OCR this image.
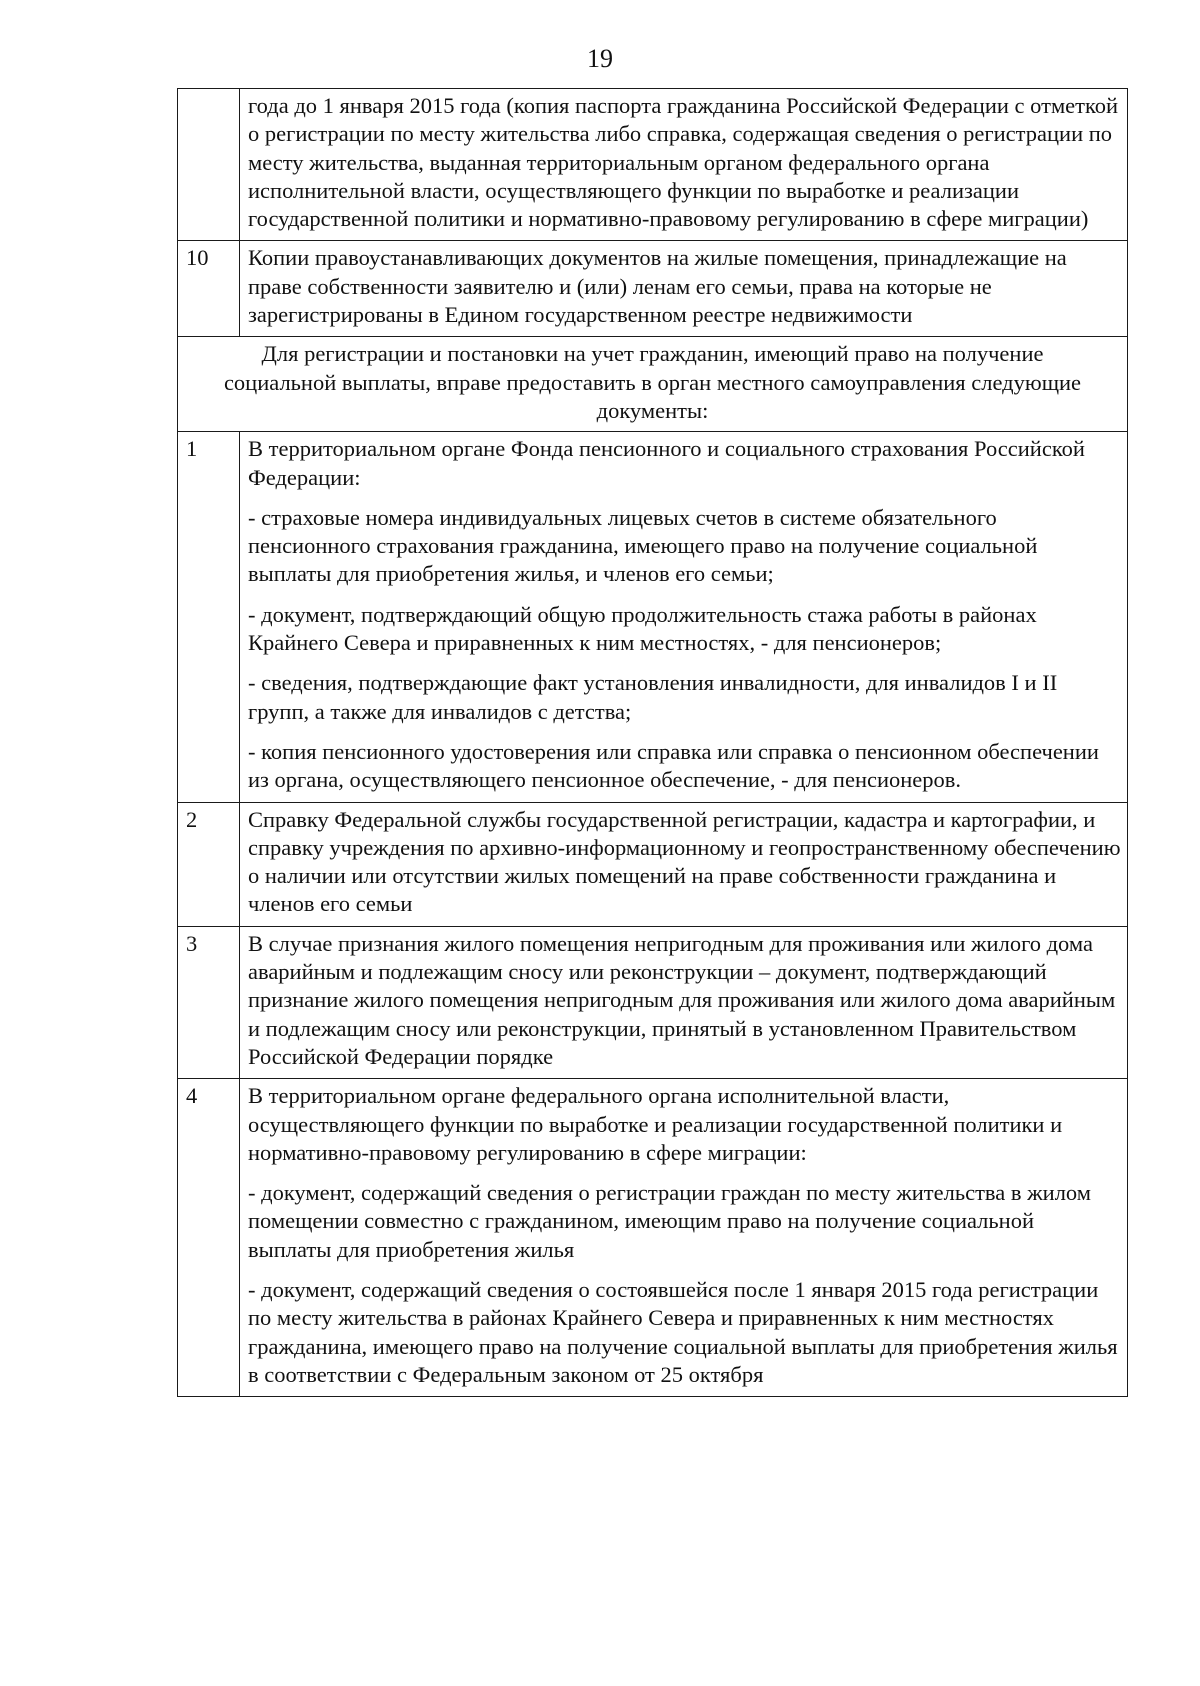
19

	года до 1 января 2015 года (копия паспорта гражданина Российской Федерации с отметкой о регистрации по месту жительства либо справка, содержащая сведения о регистрации по месту жительства, выданная территориальным органом федерального органа исполнительной власти, осуществляющего функции по выработке и реализации государственной политики и нормативно-правовому регулированию в сфере миграции)

10	Копии правоустанавливающих документов на жилые помещения, принадлежащие на праве собственности заявителю и (или) ленам его семьи, права на которые не зарегистрированы в Едином государственном реестре недвижимости

Для регистрации и постановки на учет гражданин, имеющий право на получение социальной выплаты, вправе предоставить в орган местного самоуправления следующие документы:	
1	В территориальном органе Фонда пенсионного и социального страхования Российской Федерации:

- страховые номера индивидуальных лицевых счетов в системе обязательного пенсионного страхования гражданина, имеющего право на получение социальной выплаты для приобретения жилья, и членов его семьи;

- документ, подтверждающий общую продолжительность стажа работы в районах Крайнего Севера и приравненных к ним местностях, - для пенсионеров;

- сведения, подтверждающие факт установления инвалидности, для инвалидов I и II групп, а также для инвалидов с детства;

- копия пенсионного удостоверения или справка или справка о пенсионном обеспечении из органа, осуществляющего пенсионное обеспечение, - для пенсионеров.

2	Справку Федеральной службы государственной регистрации, кадастра и картографии, и справку учреждения по архивно-информационному и геопространственному обеспечению о наличии или отсутствии жилых помещений на праве собственности гражданина и членов его семьи

3	В случае признания жилого помещения непригодным для проживания или жилого дома аварийным и подлежащим сносу или реконструкции – документ, подтверждающий признание жилого помещения непригодным для проживания или жилого дома аварийным и подлежащим сносу или реконструкции, принятый в установленном Правительством Российской Федерации порядке

4	В территориальном органе федерального органа исполнительной власти, осуществляющего функции по выработке и реализации государственной политики и нормативно-правовому регулированию в сфере миграции:

- документ, содержащий сведения о регистрации граждан по месту жительства в жилом помещении совместно с гражданином, имеющим право на получение социальной выплаты для приобретения жилья

- документ, содержащий сведения о состоявшейся после 1 января 2015 года регистрации по месту жительства в районах Крайнего Севера и приравненных к ним местностях гражданина, имеющего право на получение социальной выплаты для приобретения жилья в соответствии с Федеральным законом от 25 октября
